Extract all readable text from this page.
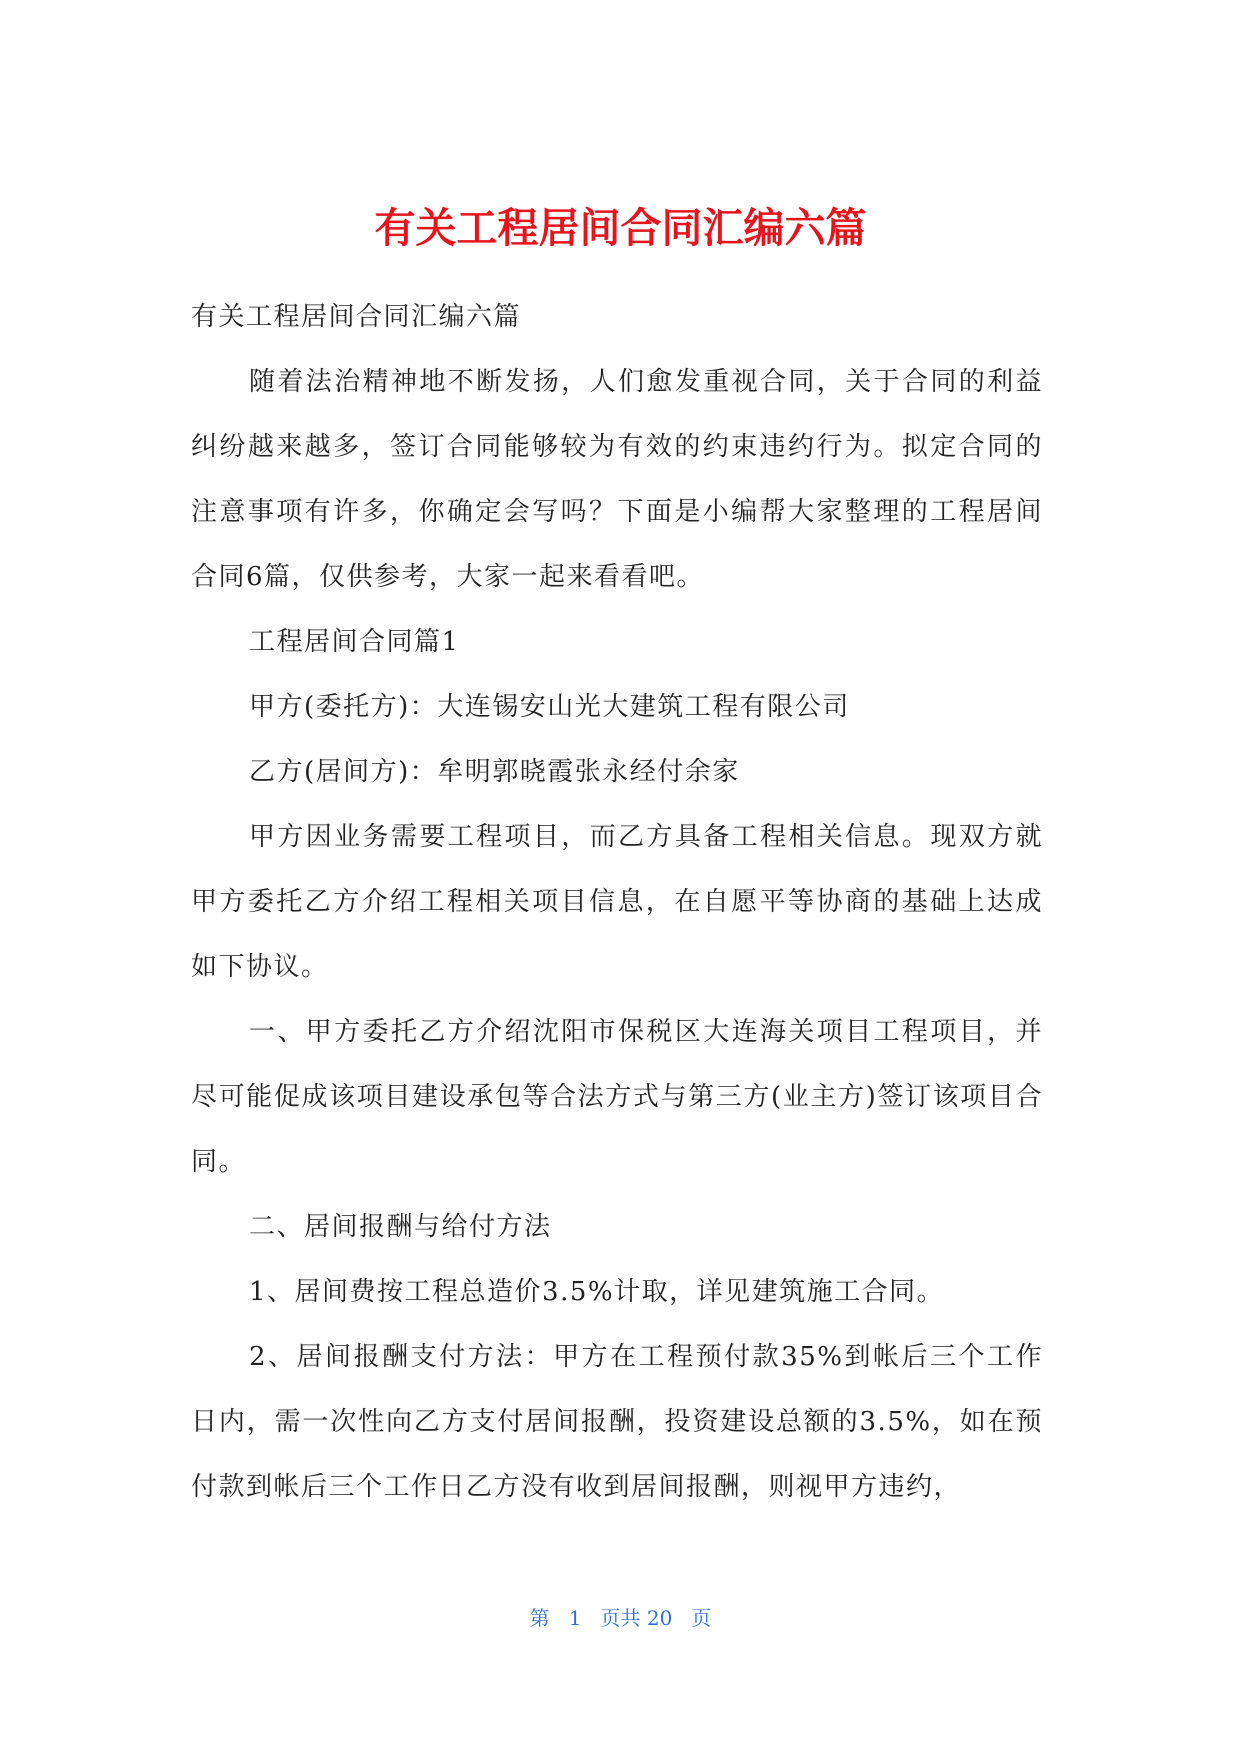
有关工程居间合同汇编六篇

有关工程居间合同汇编六篇

随着法治精神地不断发扬，人们愈发重视合同，关于合同的利益纠纷越来越多，签订合同能够较为有效的约束违约行为。拟定合同的注意事项有许多，你确定会写吗？下面是小编帮大家整理的工程居间合同6篇，仅供参考，大家一起来看看吧。

工程居间合同篇1

甲方(委托方)：大连锡安山光大建筑工程有限公司

乙方(居间方)：牟明郭晓霞张永经付余家

甲方因业务需要工程项目，而乙方具备工程相关信息。现双方就甲方委托乙方介绍工程相关项目信息，在自愿平等协商的基础上达成如下协议。

一、甲方委托乙方介绍沈阳市保税区大连海关项目工程项目，并尽可能促成该项目建设承包等合法方式与第三方(业主方)签订该项目合同。

二、居间报酬与给付方法

1、居间费按工程总造价3.5%计取，详见建筑施工合同。

2、居间报酬支付方法：甲方在工程预付款35%到帐后三个工作日内，需一次性向乙方支付居间报酬，投资建设总额的3.5%，如在预付款到帐后三个工作日乙方没有收到居间报酬，则视甲方违约，

第 1 页共 20 页
